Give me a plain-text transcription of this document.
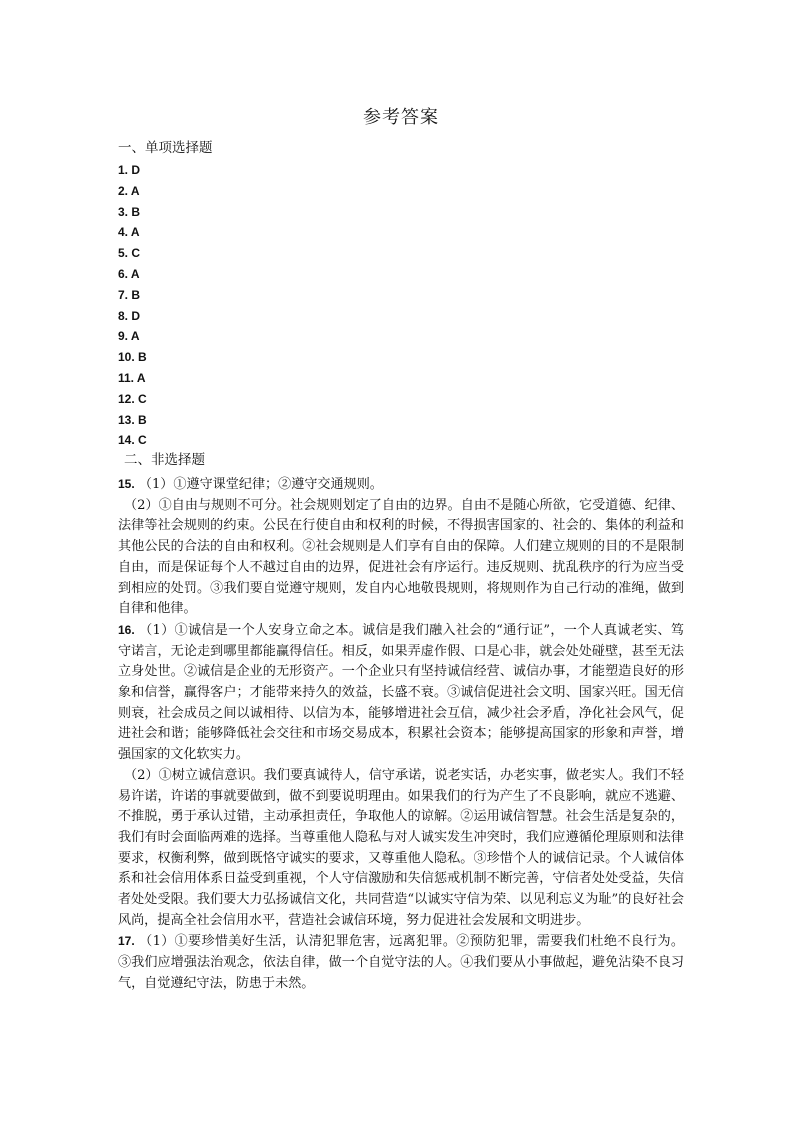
参考答案
一、单项选择题
1. D
2. A
3. B
4. A
5. C
6. A
7. B
8. D
9. A
10. B
11. A
12. C
13. B
14. C
二、非选择题

15. （1）①遵守课堂纪律；②遵守交通规则。

（2）①自由与规则不可分。社会规则划定了自由的边界。自由不是随心所欲，它受道德、纪律、法律等社会规则的约束。公民在行使自由和权利的时候，不得损害国家的、社会的、集体的利益和其他公民的合法的自由和权利。②社会规则是人们享有自由的保障。人们建立规则的目的不是限制自由，而是保证每个人不越过自由的边界，促进社会有序运行。违反规则、扰乱秩序的行为应当受到相应的处罚。③我们要自觉遵守规则，发自内心地敬畏规则，将规则作为自己行动的准绳，做到自律和他律。

16. （1）①诚信是一个人安身立命之本。诚信是我们融入社会的“通行证”，一个人真诚老实、笃守诺言，无论走到哪里都能赢得信任。相反，如果弄虚作假、口是心非，就会处处碰壁，甚至无法立身处世。②诚信是企业的无形资产。一个企业只有坚持诚信经营、诚信办事，才能塑造良好的形象和信誉，赢得客户；才能带来持久的效益，长盛不衰。③诚信促进社会文明、国家兴旺。国无信则衰，社会成员之间以诚相待、以信为本，能够增进社会互信，减少社会矛盾，净化社会风气，促进社会和谐；能够降低社会交往和市场交易成本，积累社会资本；能够提高国家的形象和声誉，增强国家的文化软实力。

（2）①树立诚信意识。我们要真诚待人，信守承诺，说老实话，办老实事，做老实人。我们不轻易许诺，许诺的事就要做到，做不到要说明理由。如果我们的行为产生了不良影响，就应不逃避、不推脱，勇于承认过错，主动承担责任，争取他人的谅解。②运用诚信智慧。社会生活是复杂的，我们有时会面临两难的选择。当尊重他人隐私与对人诚实发生冲突时，我们应遵循伦理原则和法律要求，权衡利弊，做到既恪守诚实的要求，又尊重他人隐私。③珍惜个人的诚信记录。个人诚信体系和社会信用体系日益受到重视，个人守信激励和失信惩戒机制不断完善，守信者处处受益，失信者处处受限。我们要大力弘扬诚信文化，共同营造“以诚实守信为荣、以见利忘义为耻”的良好社会风尚，提高全社会信用水平，营造社会诚信环境，努力促进社会发展和文明进步。

17. （1）①要珍惜美好生活，认清犯罪危害，远离犯罪。②预防犯罪，需要我们杜绝不良行为。③我们应增强法治观念，依法自律，做一个自觉守法的人。④我们要从小事做起，避免沾染不良习气，自觉遵纪守法，防患于未然。
